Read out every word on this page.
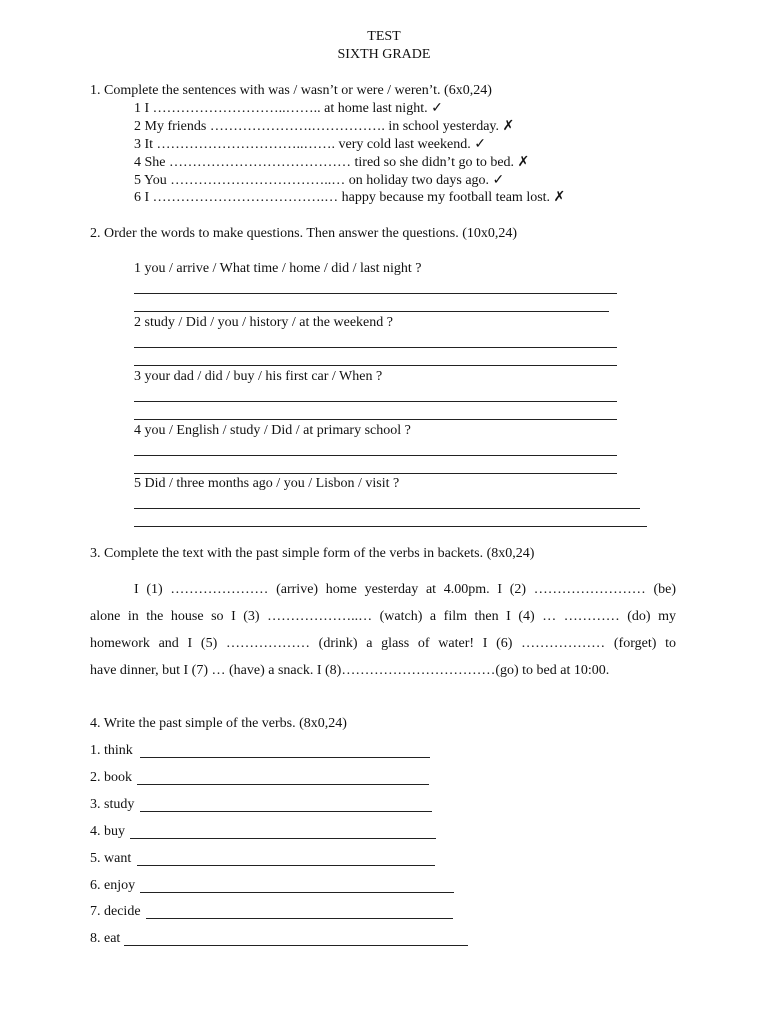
TEST
SIXTH GRADE
1. Complete the sentences with was / wasn’t or were / weren’t. (6x0,24)
1 I ………………………..…….. at home last night. ✓
2 My friends ………………….……………. in school yesterday. ✗
3 It …………………………..……. very cold last weekend. ✓
4 She ………………………………… tired so she didn’t go to bed. ✗
5 You ……………………………..… on holiday two days ago. ✓
6 I ……………………………….… happy because my football team lost. ✗
2. Order the words to make questions. Then answer the questions. (10x0,24)
1 you / arrive / What time / home / did / last night ?
2 study / Did / you / history / at the weekend ?
3 your dad / did / buy / his first car / When ?
4 you / English / study / Did / at primary school ?
5 Did / three months ago / you / Lisbon / visit ?
3. Complete the text with the past simple form of the verbs in backets. (8x0,24)
I (1) ………………… (arrive) home yesterday at 4.00pm. I (2) …………………… (be)
alone in the house so I (3) ………………..… (watch) a film then I (4) … ………… (do) my
homework and I (5) ……………… (drink) a glass of water! I (6) ……………… (forget) to
have dinner, but I (7) … (have) a snack. I (8)……………………………(go) to bed at 10:00.
4. Write the past simple of the verbs. (8x0,24)
1. think
2. book
3. study
4. buy
5. want
6. enjoy
7. decide
8. eat
